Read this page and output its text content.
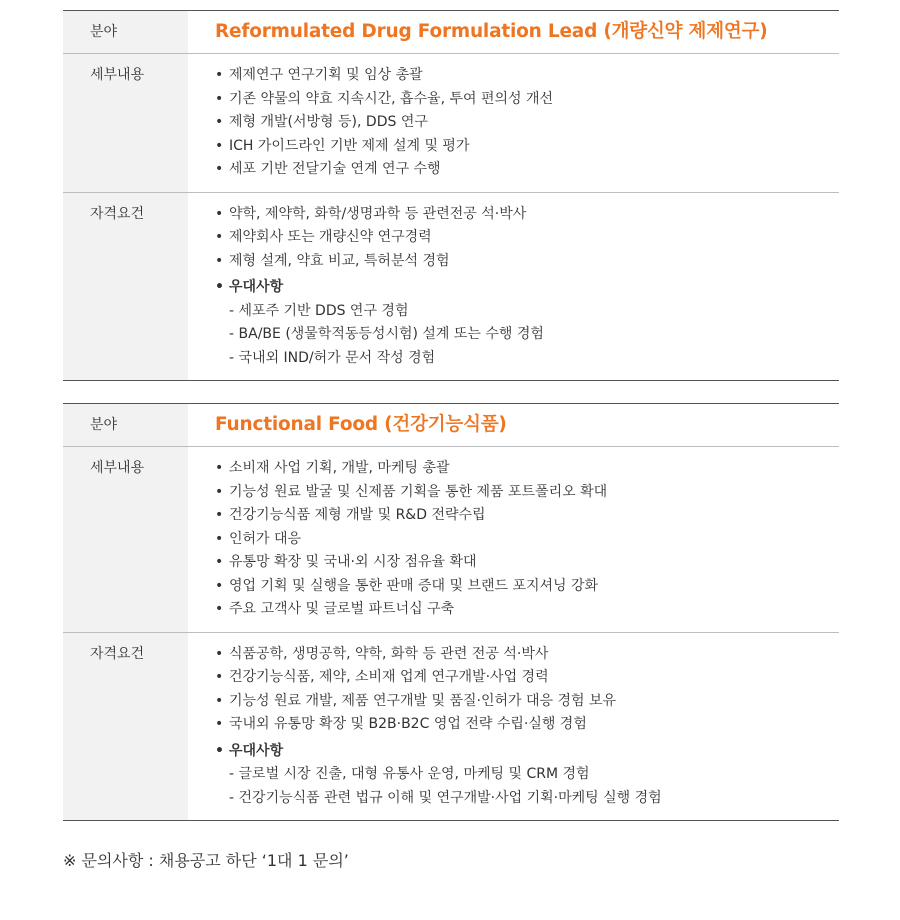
분야	Reformulated Drug Formulation Lead (개량신약 제제연구)
세부내용	• 제제연구 연구기획 및 임상 총괄
• 기존 약물의 약효 지속시간, 흡수율, 투여 편의성 개선
• 제형 개발(서방형 등), DDS 연구
• ICH 가이드라인 기반 제제 설계 및 평가
• 세포 기반 전달기술 연계 연구 수행
자격요건	• 약학, 제약학, 화학/생명과학 등 관련전공 석·박사
• 제약회사 또는 개량신약 연구경력
• 제형 설계, 약효 비교, 특허분석 경험
• 우대사항
- 세포주 기반 DDS 연구 경험
- BA/BE (생물학적동등성시험) 설계 또는 수행 경험
- 국내외 IND/허가 문서 작성 경험
분야	Functional Food (건강기능식품)
세부내용	• 소비재 사업 기획, 개발, 마케팅 총괄
• 기능성 원료 발굴 및 신제품 기획을 통한 제품 포트폴리오 확대
• 건강기능식품 제형 개발 및 R&D 전략수립
• 인허가 대응
• 유통망 확장 및 국내·외 시장 점유율 확대
• 영업 기획 및 실행을 통한 판매 증대 및 브랜드 포지셔닝 강화
• 주요 고객사 및 글로벌 파트너십 구축
자격요건	• 식품공학, 생명공학, 약학, 화학 등 관련 전공 석·박사
• 건강기능식품, 제약, 소비재 업계 연구개발·사업 경력
• 기능성 원료 개발, 제품 연구개발 및 품질·인허가 대응 경험 보유
• 국내외 유통망 확장 및 B2B·B2C 영업 전략 수립·실행 경험
• 우대사항
- 글로벌 시장 진출, 대형 유통사 운영, 마케팅 및 CRM 경험
- 건강기능식품 관련 법규 이해 및 연구개발·사업 기획·마케팅 실행 경험
※ 문의사항 : 채용공고 하단 ‘1대 1 문의’
